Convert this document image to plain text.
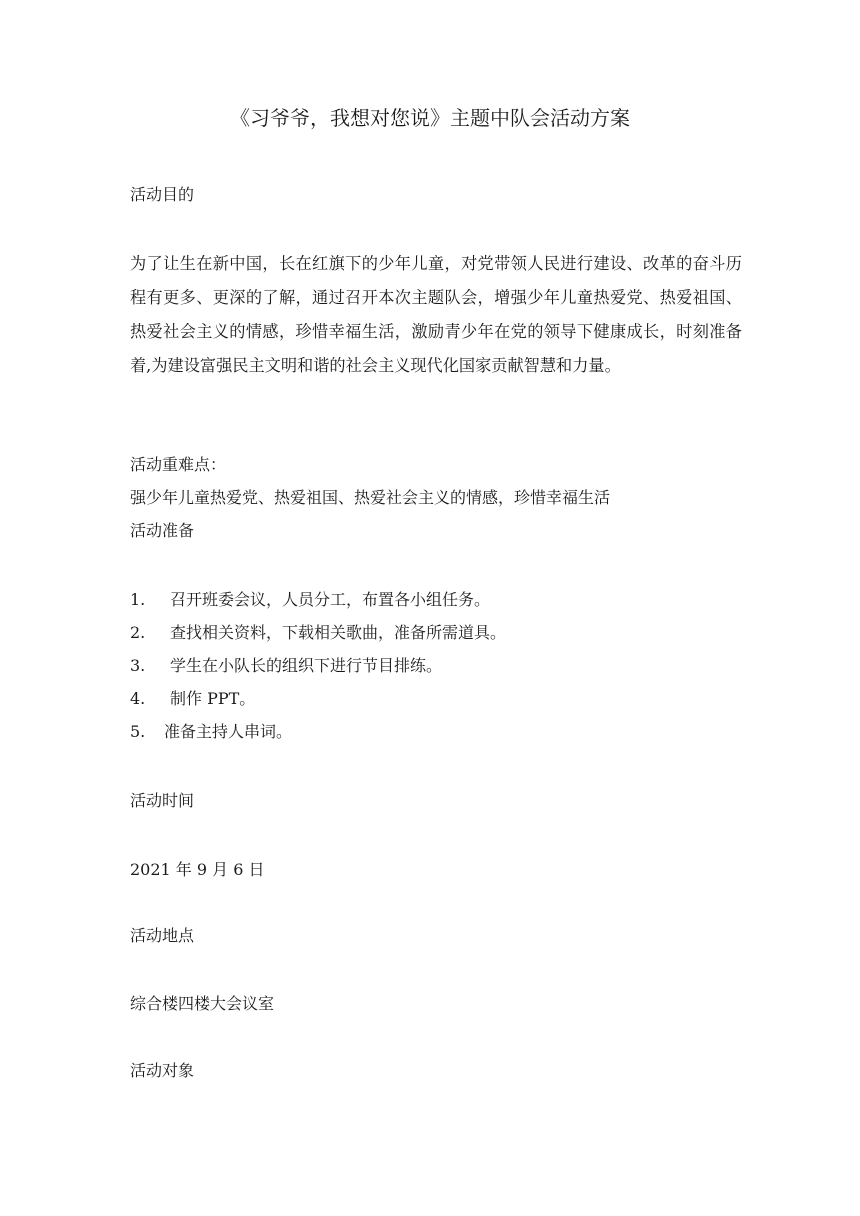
《习爷爷，我想对您说》主题中队会活动方案
活动目的
为了让生在新中国，长在红旗下的少年儿童，对党带领人民进行建设、改革的奋斗历程有更多、更深的了解，通过召开本次主题队会，增强少年儿童热爱党、热爱祖国、热爱社会主义的情感，珍惜幸福生活，激励青少年在党的领导下健康成长，时刻准备着,为建设富强民主文明和谐的社会主义现代化国家贡献智慧和力量。
活动重难点：
强少年儿童热爱党、热爱祖国、热爱社会主义的情感，珍惜幸福生活
活动准备
1. 召开班委会议，人员分工，布置各小组任务。
2. 查找相关资料，下载相关歌曲，准备所需道具。
3. 学生在小队长的组织下进行节目排练。
4. 制作 PPT。
5. 准备主持人串词。
活动时间
2021 年 9 月 6 日
活动地点
综合楼四楼大会议室
活动对象
